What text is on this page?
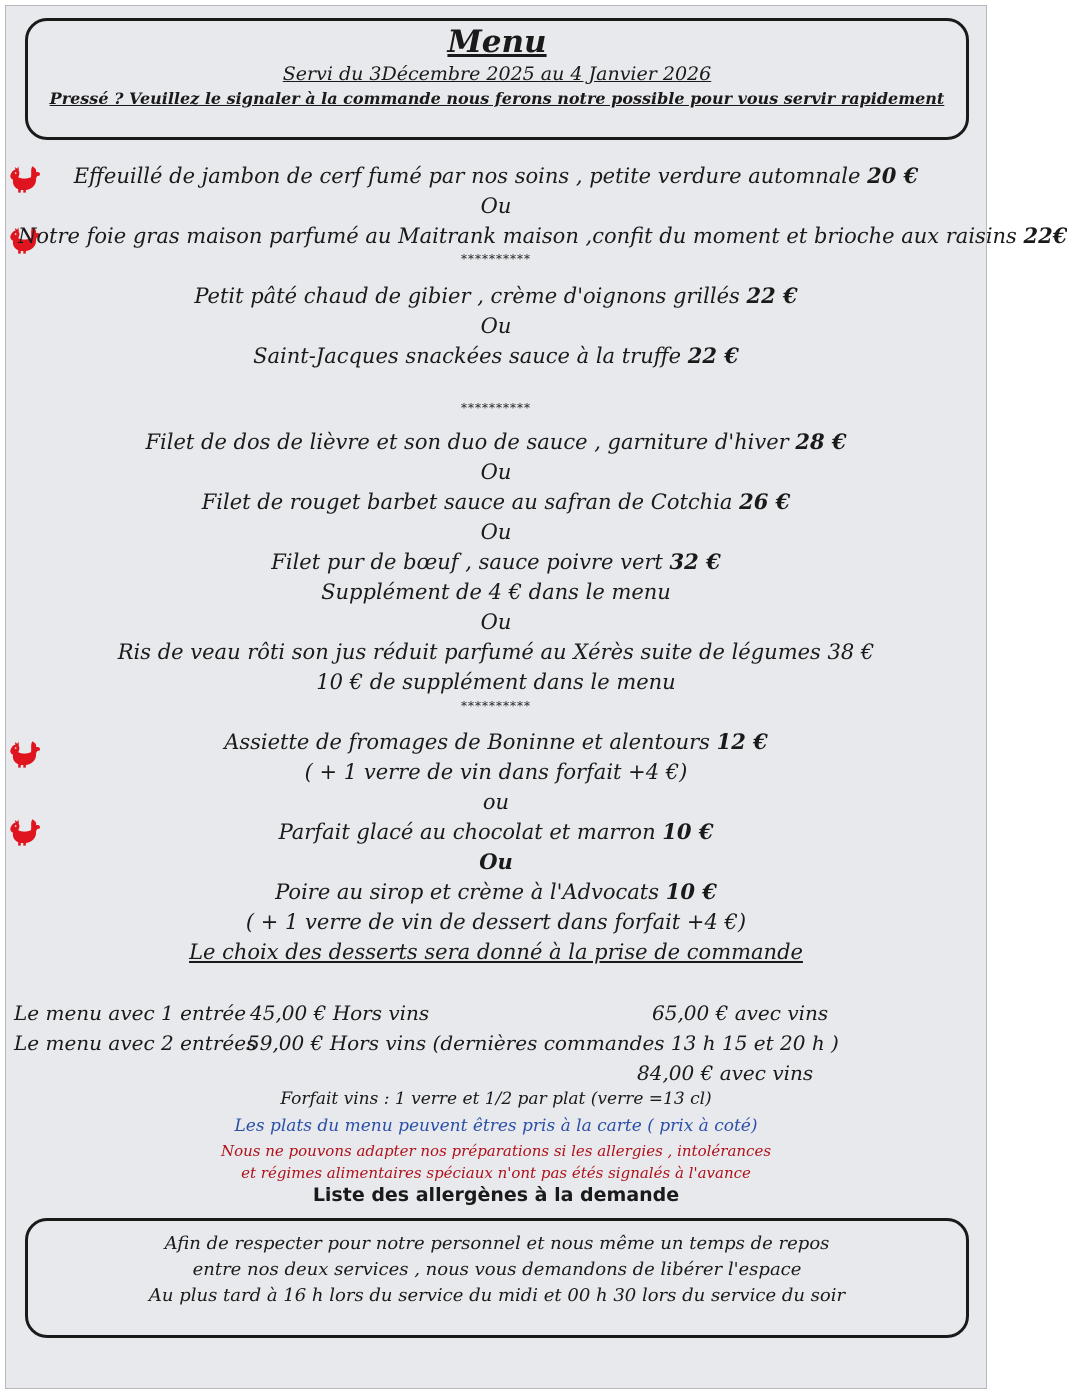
Menu
Servi du 3Décembre 2025 au 4 Janvier 2026
Pressé ? Veuillez le signaler à la commande nous ferons notre possible pour vous servir rapidement
Effeuillé de jambon de cerf fumé par nos soins , petite verdure automnale 20 €
Ou
Notre foie gras maison parfumé au Maitrank maison ,confit du moment et brioche aux raisins 22€
**********
Petit pâté chaud de gibier , crème d'oignons grillés 22 €
Ou
Saint-Jacques snackées sauce à la truffe 22 €
**********
Filet de dos de lièvre et son duo de sauce , garniture d'hiver 28 €
Ou
Filet de rouget barbet sauce au safran de Cotchia 26 €
Ou
Filet pur de bœuf , sauce poivre vert 32 €
Supplément de 4 € dans le menu
Ou
Ris de veau rôti son jus réduit parfumé au Xérès suite de légumes 38 €
10 € de supplément dans le menu
**********
Assiette de fromages de Boninne et alentours 12 €
( + 1 verre de vin dans forfait +4 €)
ou
Parfait glacé au chocolat et marron 10 €
Ou
Poire au sirop et crème à l'Advocats 10 €
( + 1 verre de vin de dessert dans forfait +4 €)
Le choix des desserts sera donné à la prise de commande
Le menu avec 1 entrée 45,00 € Hors vins	65,00 € avec vins
Le menu avec 2 entrées
59,00 € Hors vins (dernières commandes 13 h 15 et 20 h )
84,00 € avec vins
Forfait vins : 1 verre et 1/2 par plat (verre =13 cl)
Les plats du menu peuvent êtres pris à la carte ( prix à coté)
Nous ne pouvons adapter nos préparations si les allergies , intolérances
et régimes alimentaires spéciaux n'ont pas étés signalés à l'avance
Liste des allergènes à la demande
Afin de respecter pour notre personnel et nous même un temps de repos
entre nos deux services , nous vous demandons de libérer l'espace
Au plus tard à 16 h lors du service du midi et 00 h 30 lors du service du soir
